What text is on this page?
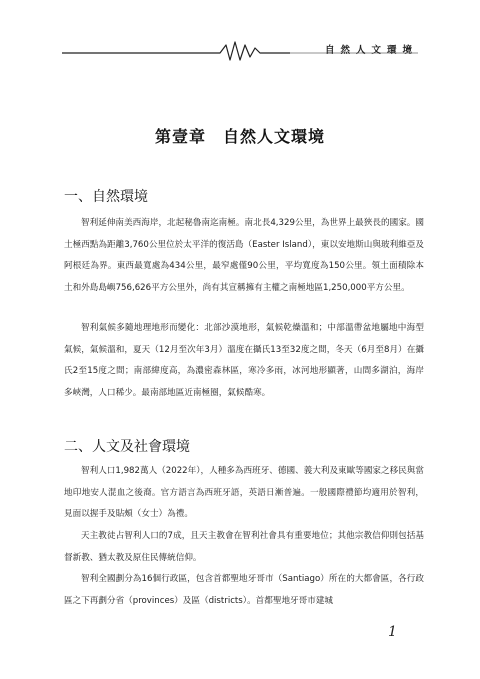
自然人文環境
第壹章　自然人文環境
一、自然環境

智利延伸南美西海岸，北起秘魯南迄南極。南北長4,329公里，為世界上最狹長的國家。國土極西點為距離3,760公里位於太平洋的復活島（Easter Island），東以安地斯山與玻利維亞及阿根廷為界。東西最寬處為434公里，最窄處僅90公里，平均寬度為150公里。領土面積除本土和外島島嶼756,626平方公里外，尚有其宣稱擁有主權之南極地區1,250,000平方公里。

智利氣候多隨地理地形而變化：北部沙漠地形，氣候乾燥溫和；中部溫帶盆地屬地中海型氣候，氣候溫和，夏天（12月至次年3月）溫度在攝氏13至32度之間，冬天（6月至8月）在攝氏2至15度之間；南部緯度高，為濃密森林區，寒冷多雨，冰河地形顯著，山間多湖泊，海岸多峽灣，人口稀少。最南部地區近南極圈，氣候酷寒。

二、人文及社會環境

智利人口1,982萬人（2022年），人種多為西班牙、德國、義大利及東歐等國家之移民與當地印地安人混血之後裔。官方語言為西班牙語，英語日漸普遍。一般國際禮節均適用於智利，見面以握手及貼頰（女士）為禮。

天主教徒占智利人口的7成，且天主教會在智利社會具有重要地位；其他宗教信仰則包括基督新教、猶太教及原住民傳統信仰。

智利全國劃分為16個行政區，包含首都聖地牙哥市（Santiago）所在的大都會區，各行政區之下再劃分省（provinces）及區（districts）。首都聖地牙哥市建城

1
